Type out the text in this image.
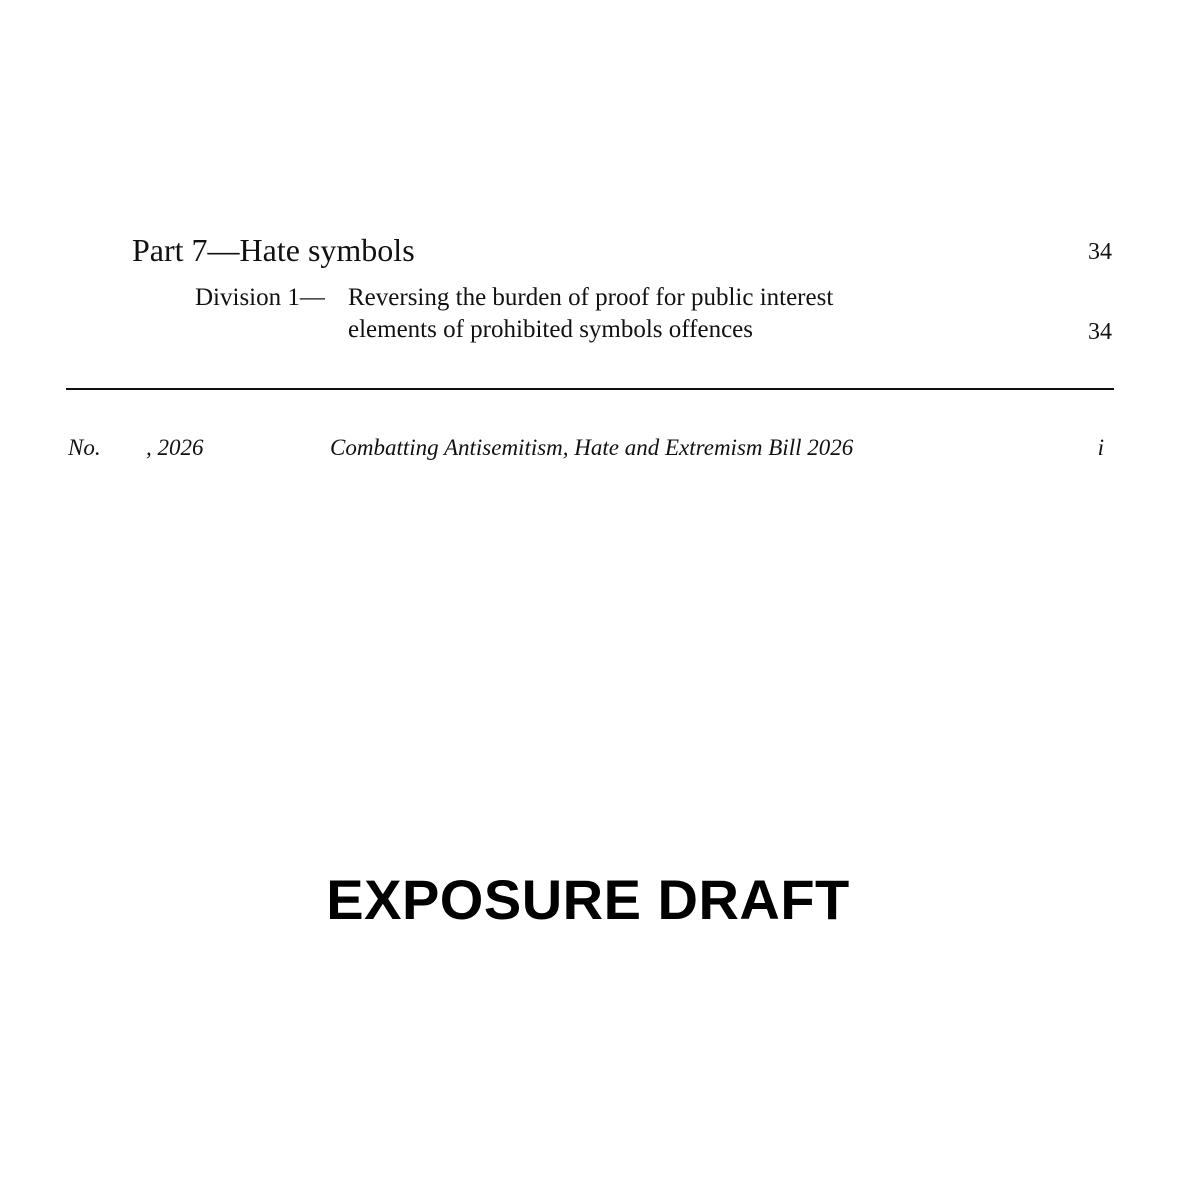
Part 7—Hate symbols	34
Division 1— Reversing the burden of proof for public interest
elements of prohibited symbols offences	34
No. , 2026	Combatting Antisemitism, Hate and Extremism Bill 2026	i
EXPOSURE DRAFT
